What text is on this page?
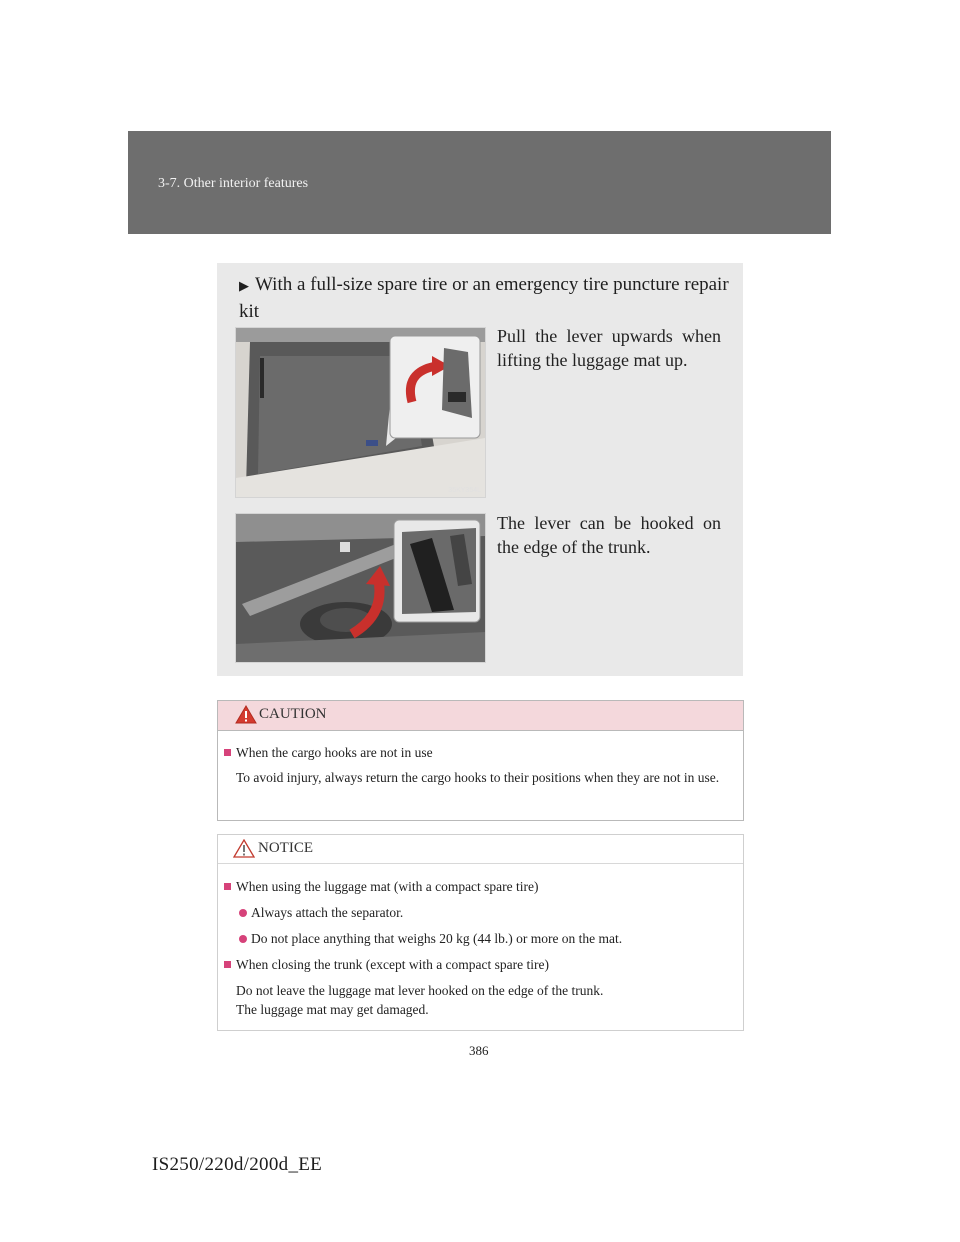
3-7. Other interior features
▶ With a full-size spare tire or an emergency tire puncture repair kit
35KY354L
Pull the lever upwards when lifting the luggage mat up.
The lever can be hooked on the edge of the trunk.
CAUTION
When the cargo hooks are not in use
To avoid injury, always return the cargo hooks to their positions when they are not in use.
NOTICE
When using the luggage mat (with a compact spare tire)
Always attach the separator.
Do not place anything that weighs 20 kg (44 lb.) or more on the mat.
When closing the trunk (except with a compact spare tire)
Do not leave the luggage mat lever hooked on the edge of the trunk.
The luggage mat may get damaged.
386
IS250/220d/200d_EE
